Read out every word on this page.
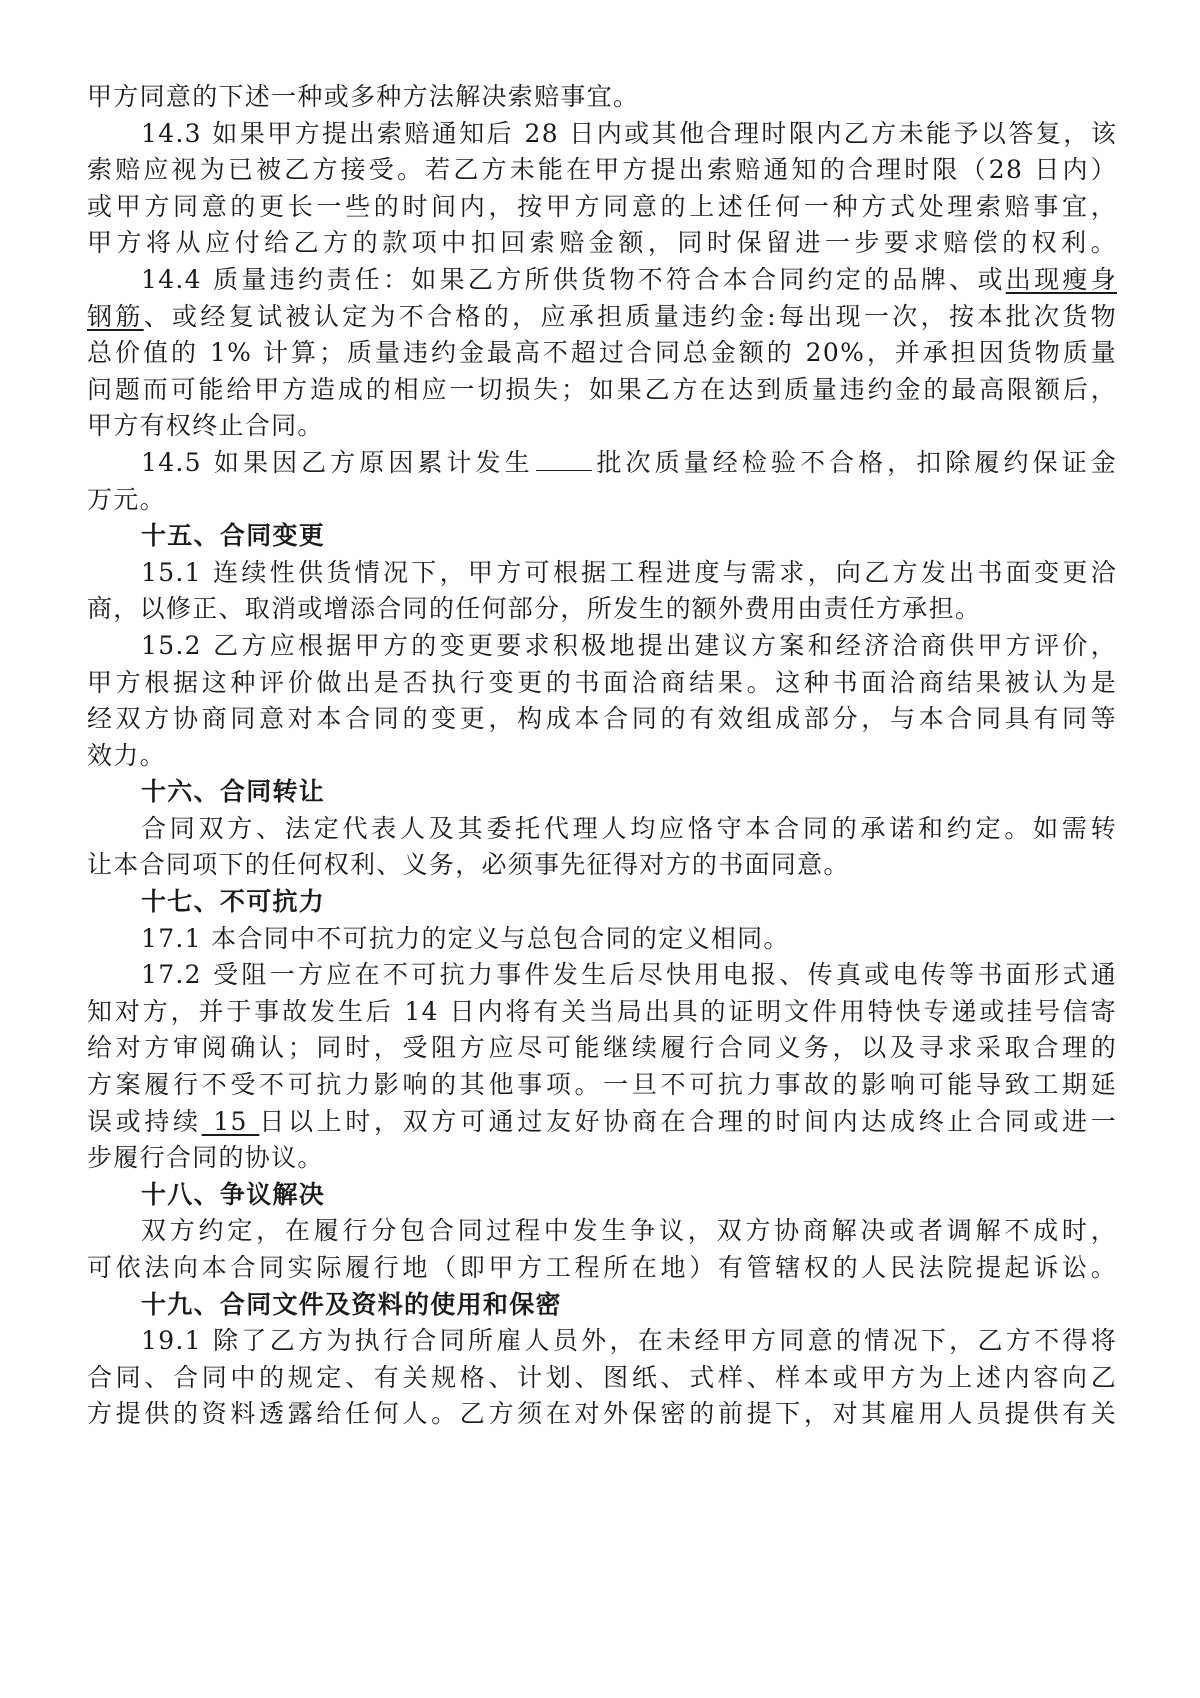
甲方同意的下述一种或多种方法解决索赔事宜。
14.3 如果甲方提出索赔通知后 28 日内或其他合理时限内乙方未能予以答复，该
索赔应视为已被乙方接受。若乙方未能在甲方提出索赔通知的合理时限（28 日内）
或甲方同意的更长一些的时间内，按甲方同意的上述任何一种方式处理索赔事宜，
甲方将从应付给乙方的款项中扣回索赔金额，同时保留进一步要求赔偿的权利。
14.4 质量违约责任：如果乙方所供货物不符合本合同约定的品牌、或出现瘦身
钢筋、或经复试被认定为不合格的，应承担质量违约金:每出现一次，按本批次货物
总价值的 1% 计算；质量违约金最高不超过合同总金额的 20%，并承担因货物质量
问题而可能给甲方造成的相应一切损失；如果乙方在达到质量违约金的最高限额后，
甲方有权终止合同。
14.5 如果因乙方原因累计发生 批次质量经检验不合格，扣除履约保证金
万元。
十五、合同变更
15.1 连续性供货情况下，甲方可根据工程进度与需求，向乙方发出书面变更洽
商，以修正、取消或增添合同的任何部分，所发生的额外费用由责任方承担。
15.2 乙方应根据甲方的变更要求积极地提出建议方案和经济洽商供甲方评价，
甲方根据这种评价做出是否执行变更的书面洽商结果。这种书面洽商结果被认为是
经双方协商同意对本合同的变更，构成本合同的有效组成部分，与本合同具有同等
效力。
十六、合同转让
合同双方、法定代表人及其委托代理人均应恪守本合同的承诺和约定。如需转
让本合同项下的任何权利、义务，必须事先征得对方的书面同意。
十七、不可抗力
17.1 本合同中不可抗力的定义与总包合同的定义相同。
17.2 受阻一方应在不可抗力事件发生后尽快用电报、传真或电传等书面形式通
知对方，并于事故发生后 14 日内将有关当局出具的证明文件用特快专递或挂号信寄
给对方审阅确认；同时，受阻方应尽可能继续履行合同义务，以及寻求采取合理的
方案履行不受不可抗力影响的其他事项。一旦不可抗力事故的影响可能导致工期延
误或持续 15 日以上时，双方可通过友好协商在合理的时间内达成终止合同或进一
步履行合同的协议。
十八、争议解决
双方约定，在履行分包合同过程中发生争议，双方协商解决或者调解不成时，
可依法向本合同实际履行地（即甲方工程所在地）有管辖权的人民法院提起诉讼。
十九、合同文件及资料的使用和保密
19.1 除了乙方为执行合同所雇人员外，在未经甲方同意的情况下，乙方不得将
合同、合同中的规定、有关规格、计划、图纸、式样、样本或甲方为上述内容向乙
方提供的资料透露给任何人。乙方须在对外保密的前提下，对其雇用人员提供有关
